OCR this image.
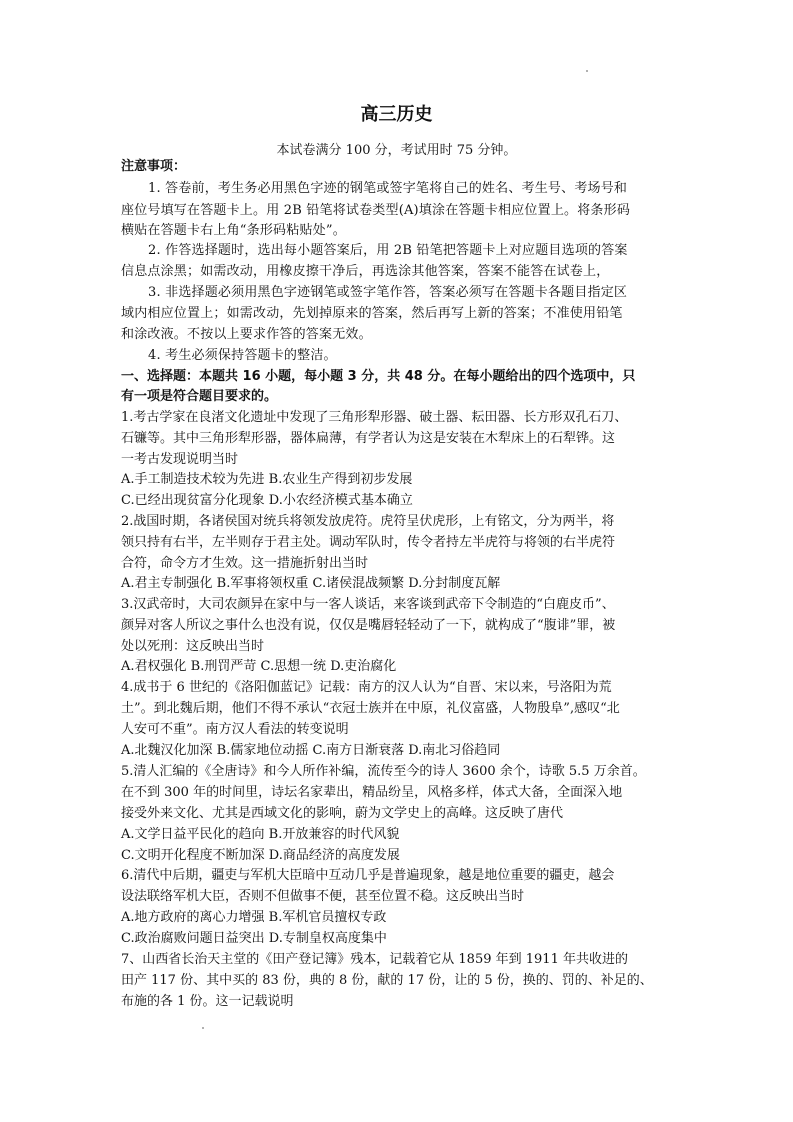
高三历史
本试卷满分 100 分，考试用时 75 分钟。
注意事项：
1. 答卷前，考生务必用黑色字迹的钢笔或签字笔将自己的姓名、考生号、考场号和
座位号填写在答题卡上。用 2B 铅笔将试卷类型(A)填涂在答题卡相应位置上。将条形码
横贴在答题卡右上角“条形码粘贴处”。
2. 作答选择题时，选出每小题答案后，用 2B 铅笔把答题卡上对应题目选项的答案
信息点涂黑；如需改动，用橡皮擦干净后，再选涂其他答案，答案不能答在试卷上，
3. 非选择题必须用黑色字迹钢笔或签字笔作答，答案必须写在答题卡各题目指定区
域内相应位置上；如需改动，先划掉原来的答案，然后再写上新的答案；不准使用铅笔
和涂改液。不按以上要求作答的答案无效。
4. 考生必须保持答题卡的整洁。
一、选择题：本题共 16 小题，每小题 3 分，共 48 分。在每小题给出的四个选项中，只
有一项是符合题目要求的。
1.考古学家在良渚文化遗址中发现了三角形犁形器、破土器、耘田器、长方形双孔石刀、
石镰等。其中三角形犁形器，器体扁薄，有学者认为这是安装在木犁床上的石犁铧。这
一考古发现说明当时
A.手工制造技术较为先进 B.农业生产得到初步发展
C.已经出现贫富分化现象 D.小农经济模式基本确立
2.战国时期，各诸侯国对统兵将领发放虎符。虎符呈伏虎形，上有铭文，分为两半，将
领只持有右半，左半则存于君主处。调动军队时，传令者持左半虎符与将领的右半虎符
合符，命令方才生效。这一措施折射出当时
A.君主专制强化 B.军事将领权重 C.诸侯混战频繁 D.分封制度瓦解
3.汉武帝时，大司农颜异在家中与一客人谈话，来客谈到武帝下令制造的“白鹿皮币”、
颜异对客人所议之事什么也没有说，仅仅是嘴唇轻轻动了一下，就构成了“腹诽”罪，被
处以死刑：这反映出当时
A.君权强化 B.刑罚严苛 C.思想一统 D.吏治腐化
4.成书于 6 世纪的《洛阳伽蓝记》记载：南方的汉人认为“自晋、宋以来，号洛阳为荒
土”。到北魏后期，他们不得不承认“衣冠士族并在中原，礼仪富盛，人物殷阜”,感叹“北
人安可不重”。南方汉人看法的转变说明
A.北魏汉化加深 B.儒家地位动摇 C.南方日渐衰落 D.南北习俗趋同
5.清人汇编的《全唐诗》和今人所作补编，流传至今的诗人 3600 余个，诗歌 5.5 万余首。
在不到 300 年的时间里，诗坛名家辈出，精品纷呈，风格多样，体式大备，全面深入地
接受外来文化、尤其是西域文化的影响，蔚为文学史上的高峰。这反映了唐代
A.文学日益平民化的趋向 B.开放兼容的时代风貌
C.文明开化程度不断加深 D.商品经济的高度发展
6.清代中后期，疆吏与军机大臣暗中互动几乎是普遍现象，越是地位重要的疆吏，越会
设法联络军机大臣，否则不但做事不便，甚至位置不稳。这反映出当时
A.地方政府的离心力增强 B.军机官员擅权专政
C.政治腐败问题日益突出 D.专制皇权高度集中
7、山西省长治天主堂的《田产登记簿》残本，记载着它从 1859 年到 1911 年共收进的
田产 117 份、其中买的 83 份，典的 8 份，献的 17 份，让的 5 份，换的、罚的、补足的、
布施的各 1 份。这一记载说明
